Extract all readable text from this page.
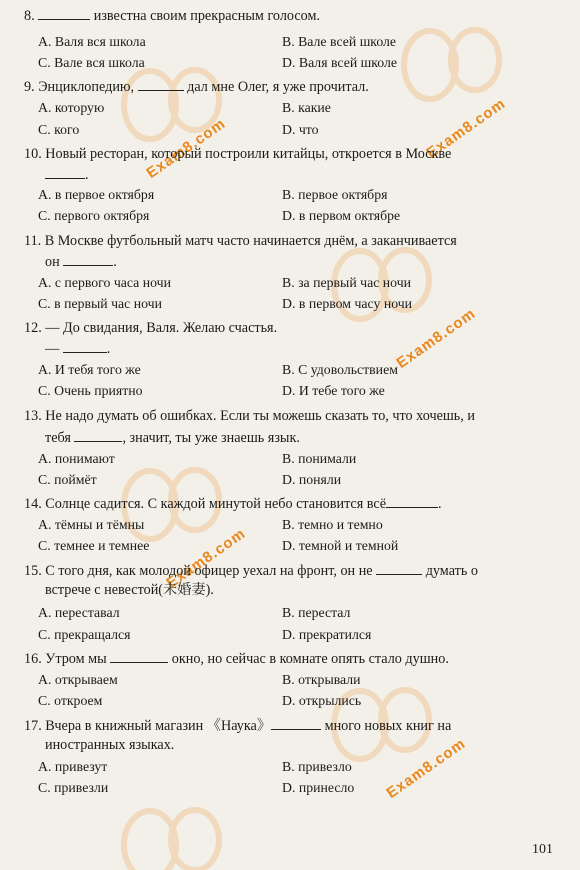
Exam8.com
Exam8.com
Exam8.com
Exam8.com
Exam8.com
8.	известна своим прекрасным голосом.
A. Валя вся школа	B. Вале всей школе
C. Вале вся школа	D. Валя всей школе
9. Энциклопедию,	дал мне Олег, я уже прочитал.
A. которую	B. какие
C. кого	D. что
10. Новый ресторан, который построили китайцы, откроется в Москве
.
A. в первое октября	B. первое октября
C. первого октября	D. в первом октябре
11. В Москве футбольный матч часто начинается днём, а заканчивается
он	.
A. с первого часа ночи	B. за первый час ночи
C. в первый час ночи	D. в первом часу ночи
12. — До свидания, Валя. Желаю счастья.
—	.
A. И тебя того же	B. С удовольствием
C. Очень приятно	D. И тебе того же
13. Не надо думать об ошибках. Если ты можешь сказать то, что хочешь, и
тебя	, значит, ты уже знаешь язык.
A. понимают	B. понимали
C. поймёт	D. поняли
14. Солнце садится. С каждой минутой небо становится всё	.
A. тёмны и тёмны	B. темно и темно
C. темнее и темнее	D. темной и темной
15. С того дня, как молодой офицер уехал на фронт, он не	думать о
встрече с невестой(未婚妻).
A. переставал	B. перестал
C. прекращался	D. прекратился
16. Утром мы	окно, но сейчас в комнате опять стало душно.
A. открываем	B. открывали
C. откроем	D. открылись
17. Вчера в книжный магазин 《Наука》	много новых книг на
иностранных языках.
A. привезут	B. привезло
C. привезли	D. принесло
101
